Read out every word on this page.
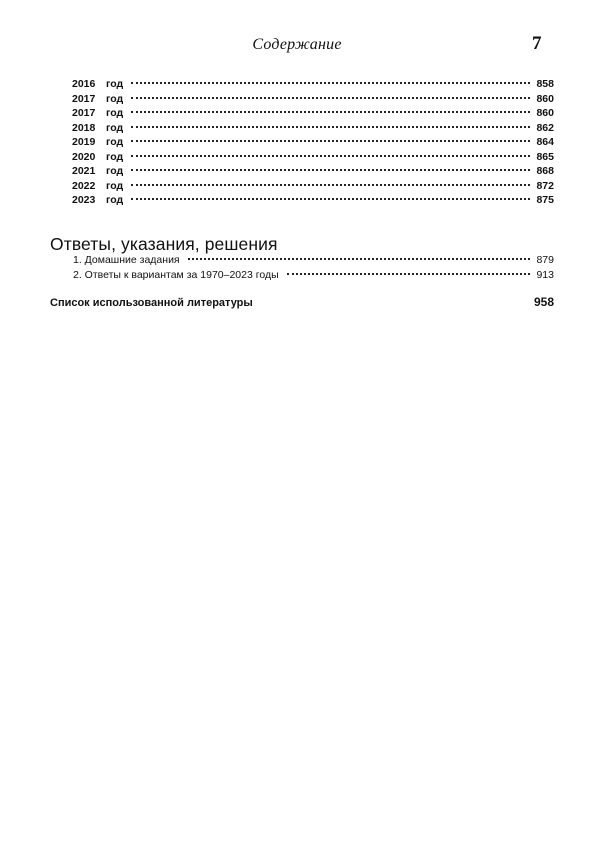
Содержание	7
2016 год	858
2017 год	860
2017 год	860
2018 год	862
2019 год	864
2020 год	865
2021 год	868
2022 год	872
2023 год	875
Ответы, указания, решения
1. Домашние задания	879
2. Ответы к вариантам за 1970–2023 годы	913
Список использованной литературы	958
